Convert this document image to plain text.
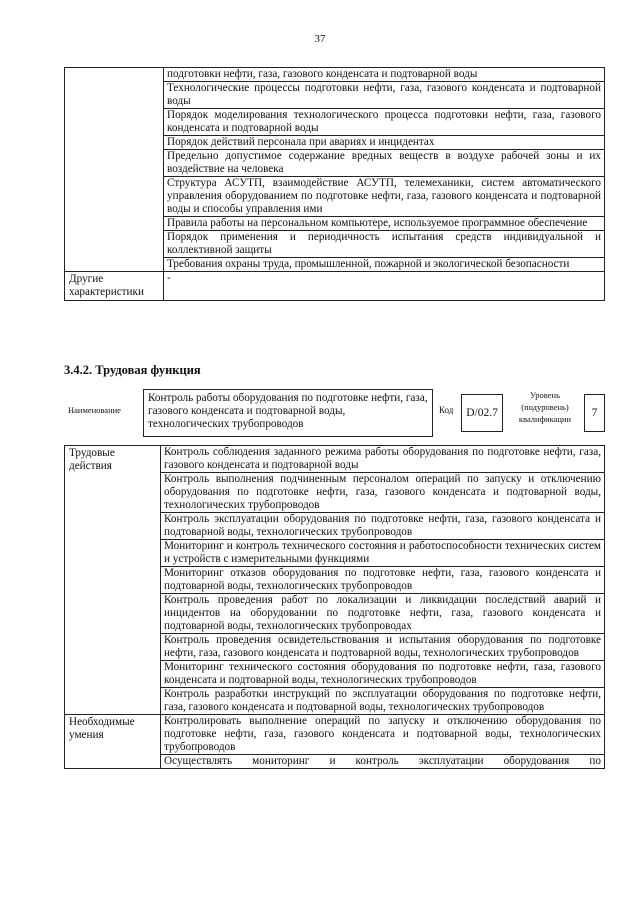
37
	подготовки нефти, газа, газового конденсата и подтоварной воды
	Технологические процессы подготовки нефти, газа, газового конденсата и подтоварной воды
	Порядок моделирования технологического процесса подготовки нефти, газа, газового конденсата и подтоварной воды
	Порядок действий персонала при авариях и инцидентах
	Предельно допустимое содержание вредных веществ в воздухе рабочей зоны и их воздействие на человека
	Структура АСУТП, взаимодействие АСУТП, телемеханики, систем автоматического управления оборудованием по подготовке нефти, газа, газового конденсата и подтоварной воды и способы управления ими
	Правила работы на персональном компьютере, используемое программное обеспечение
	Порядок применения и периодичность испытания средств индивидуальной и коллективной защиты
	Требования охраны труда, промышленной, пожарной и экологической безопасности
Другие характеристики	-
3.4.2. Трудовая функция
Наименование
Контроль работы оборудования по подготовке нефти, газа, газового конденсата и подтоварной воды, технологических трубопроводов
Код	D/02.7
Уровень (подуровень) квалификации	7
Трудовые действия	Контроль соблюдения заданного режима работы оборудования по подготовке нефти, газа, газового конденсата и подтоварной воды
	Контроль выполнения подчиненным персоналом операций по запуску и отключению оборудования по подготовке нефти, газа, газового конденсата и подтоварной воды, технологических трубопроводов
	Контроль эксплуатации оборудования по подготовке нефти, газа, газового конденсата и подтоварной воды, технологических трубопроводов
	Мониторинг и контроль технического состояния и работоспособности технических систем и устройств с измерительными функциями
	Мониторинг отказов оборудования по подготовке нефти, газа, газового конденсата и подтоварной воды, технологических трубопроводов
	Контроль проведения работ по локализации и ликвидации последствий аварий и инцидентов на оборудовании по подготовке нефти, газа, газового конденсата и подтоварной воды, технологических трубопроводах
	Контроль проведения освидетельствования и испытания оборудования по подготовке нефти, газа, газового конденсата и подтоварной воды, технологических трубопроводов
	Мониторинг технического состояния оборудования по подготовке нефти, газа, газового конденсата и подтоварной воды, технологических трубопроводов
	Контроль разработки инструкций по эксплуатации оборудования по подготовке нефти, газа, газового конденсата и подтоварной воды, технологических трубопроводов
Необходимые умения	Контролировать выполнение операций по запуску и отключению оборудования по подготовке нефти, газа, газового конденсата и подтоварной воды, технологических трубопроводов
	Осуществлять мониторинг и контроль эксплуатации оборудования по
